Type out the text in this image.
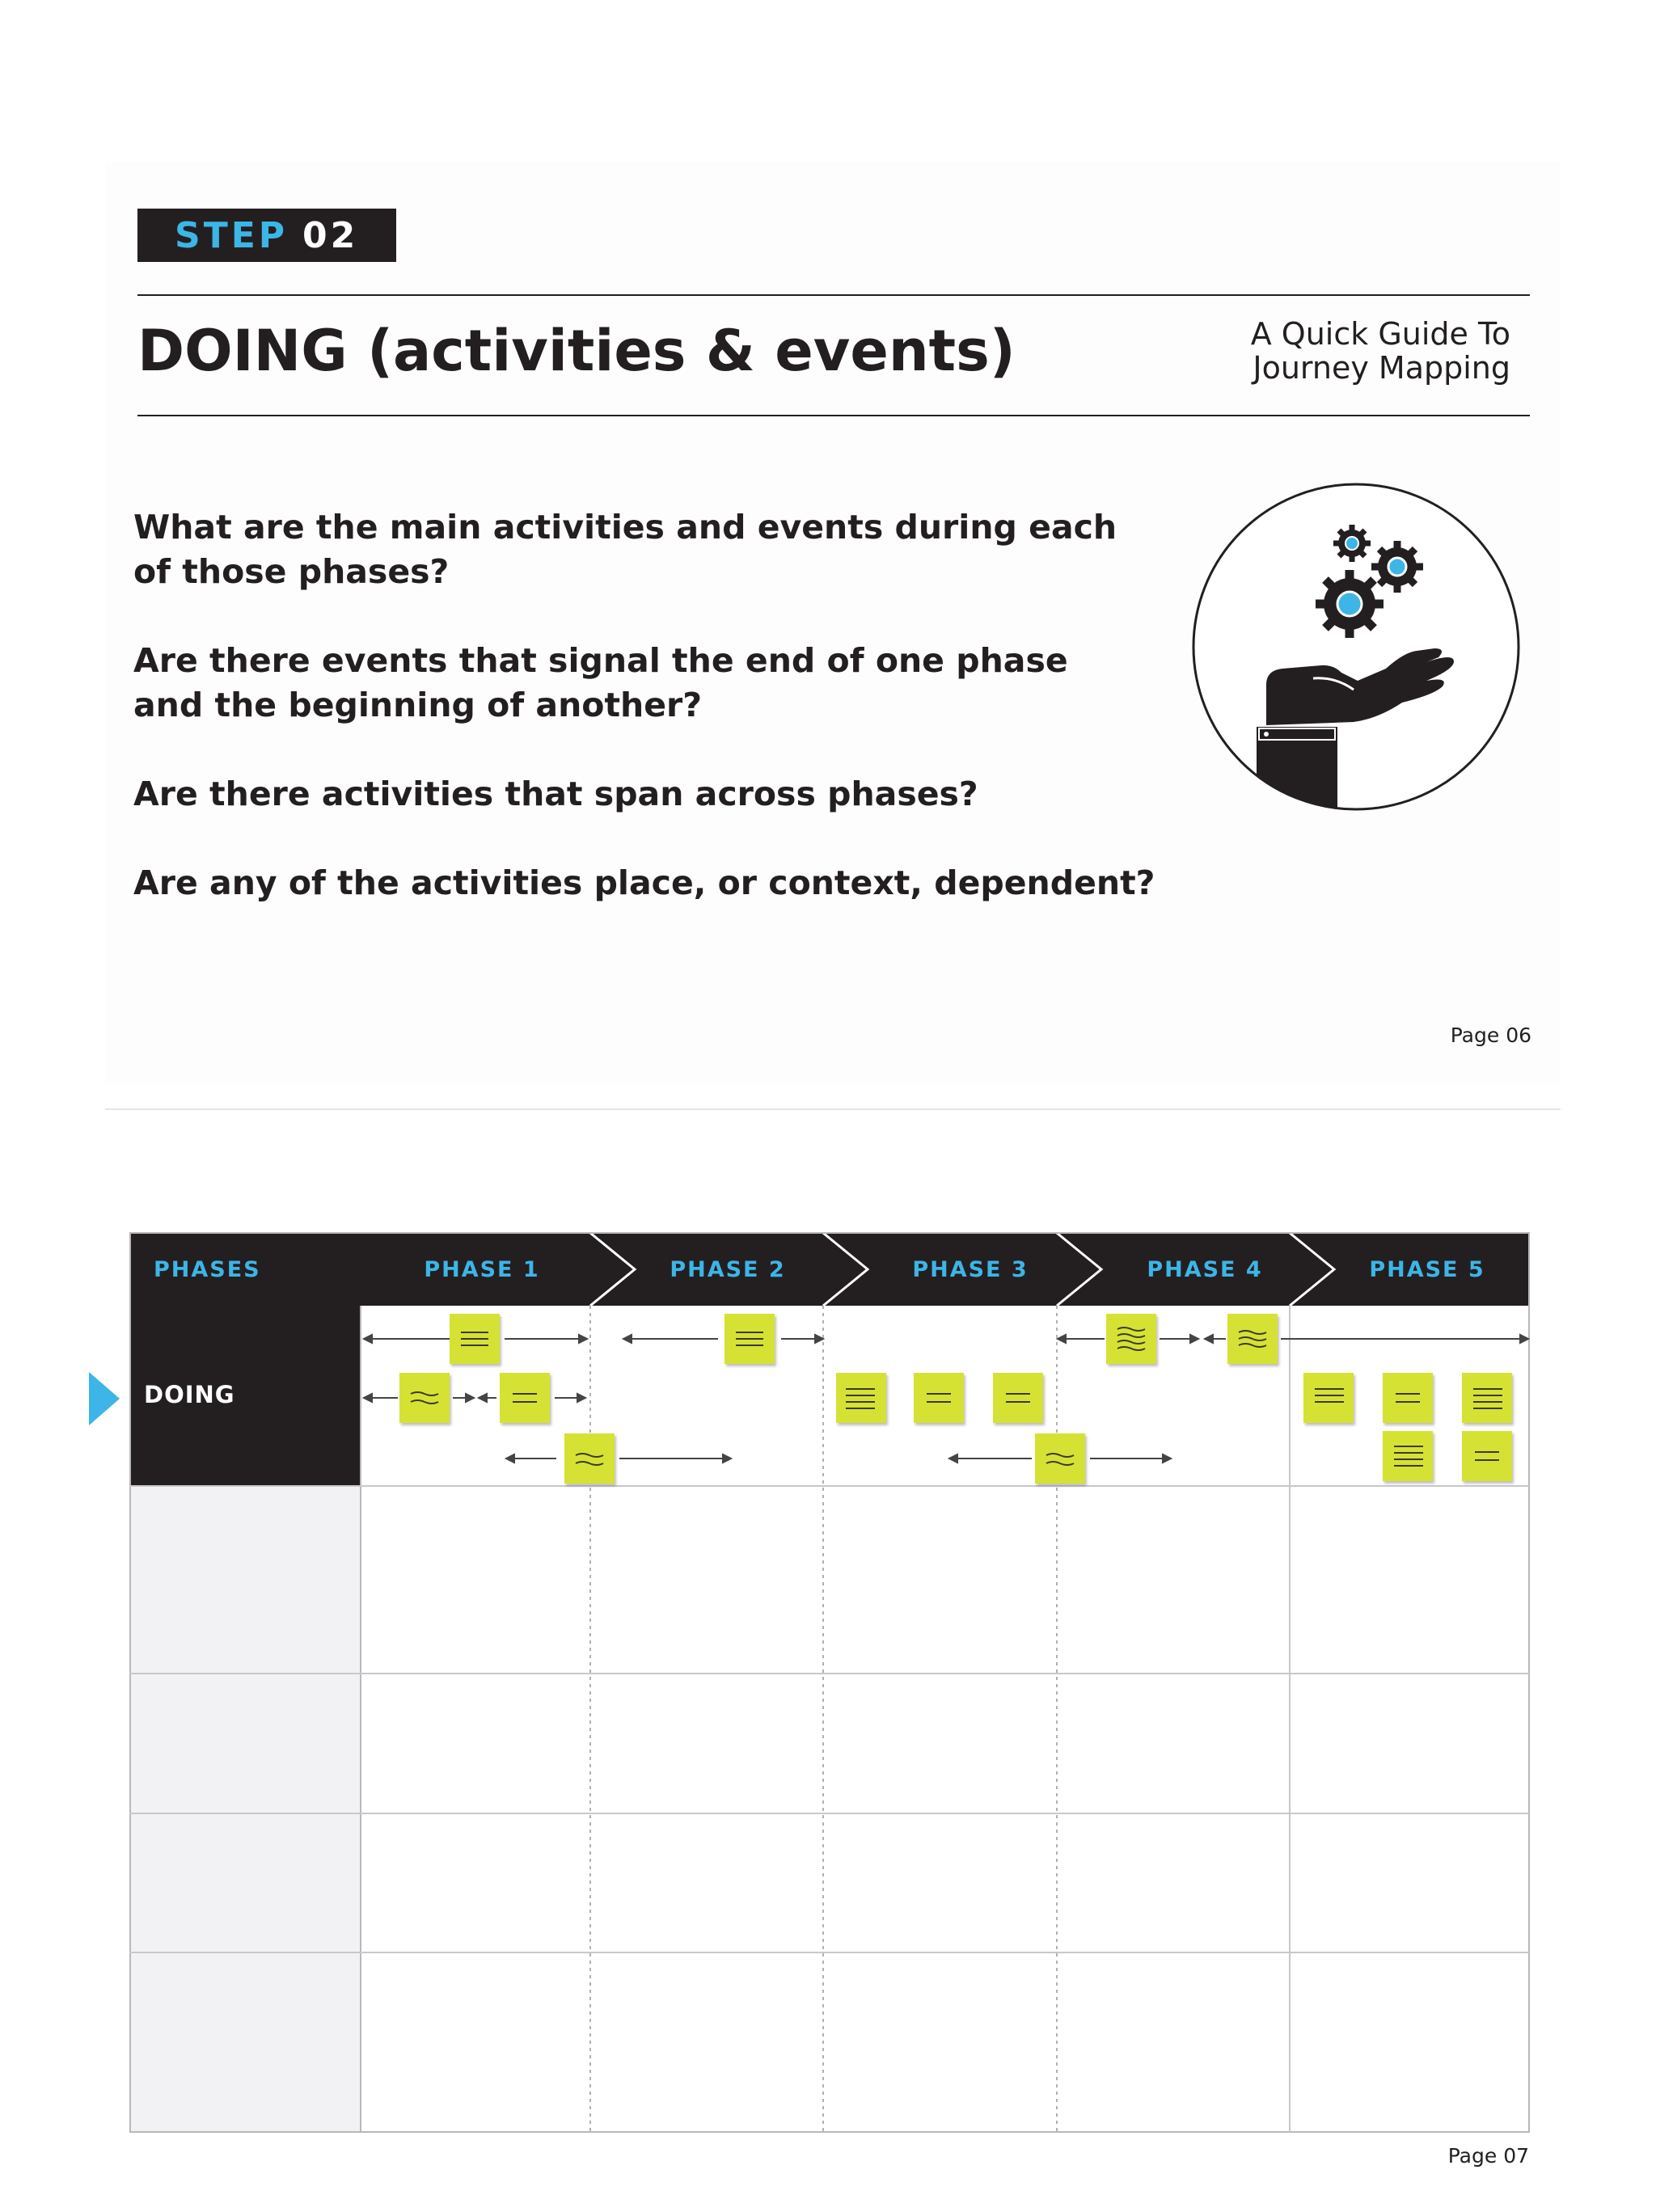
STEP 02
DOING (activities & events)	A Quick Guide To
Journey Mapping

What are the main activities and events during each
of those phases?

Are there events that signal the end of one phase
and the beginning of another?

Are there activities that span across phases?

Are any of the activities place, or context, dependent?

Page 06
PHASES	PHASE 1	PHASE 2	PHASE 3	PHASE 4	PHASE 5
DOING
Page 07
